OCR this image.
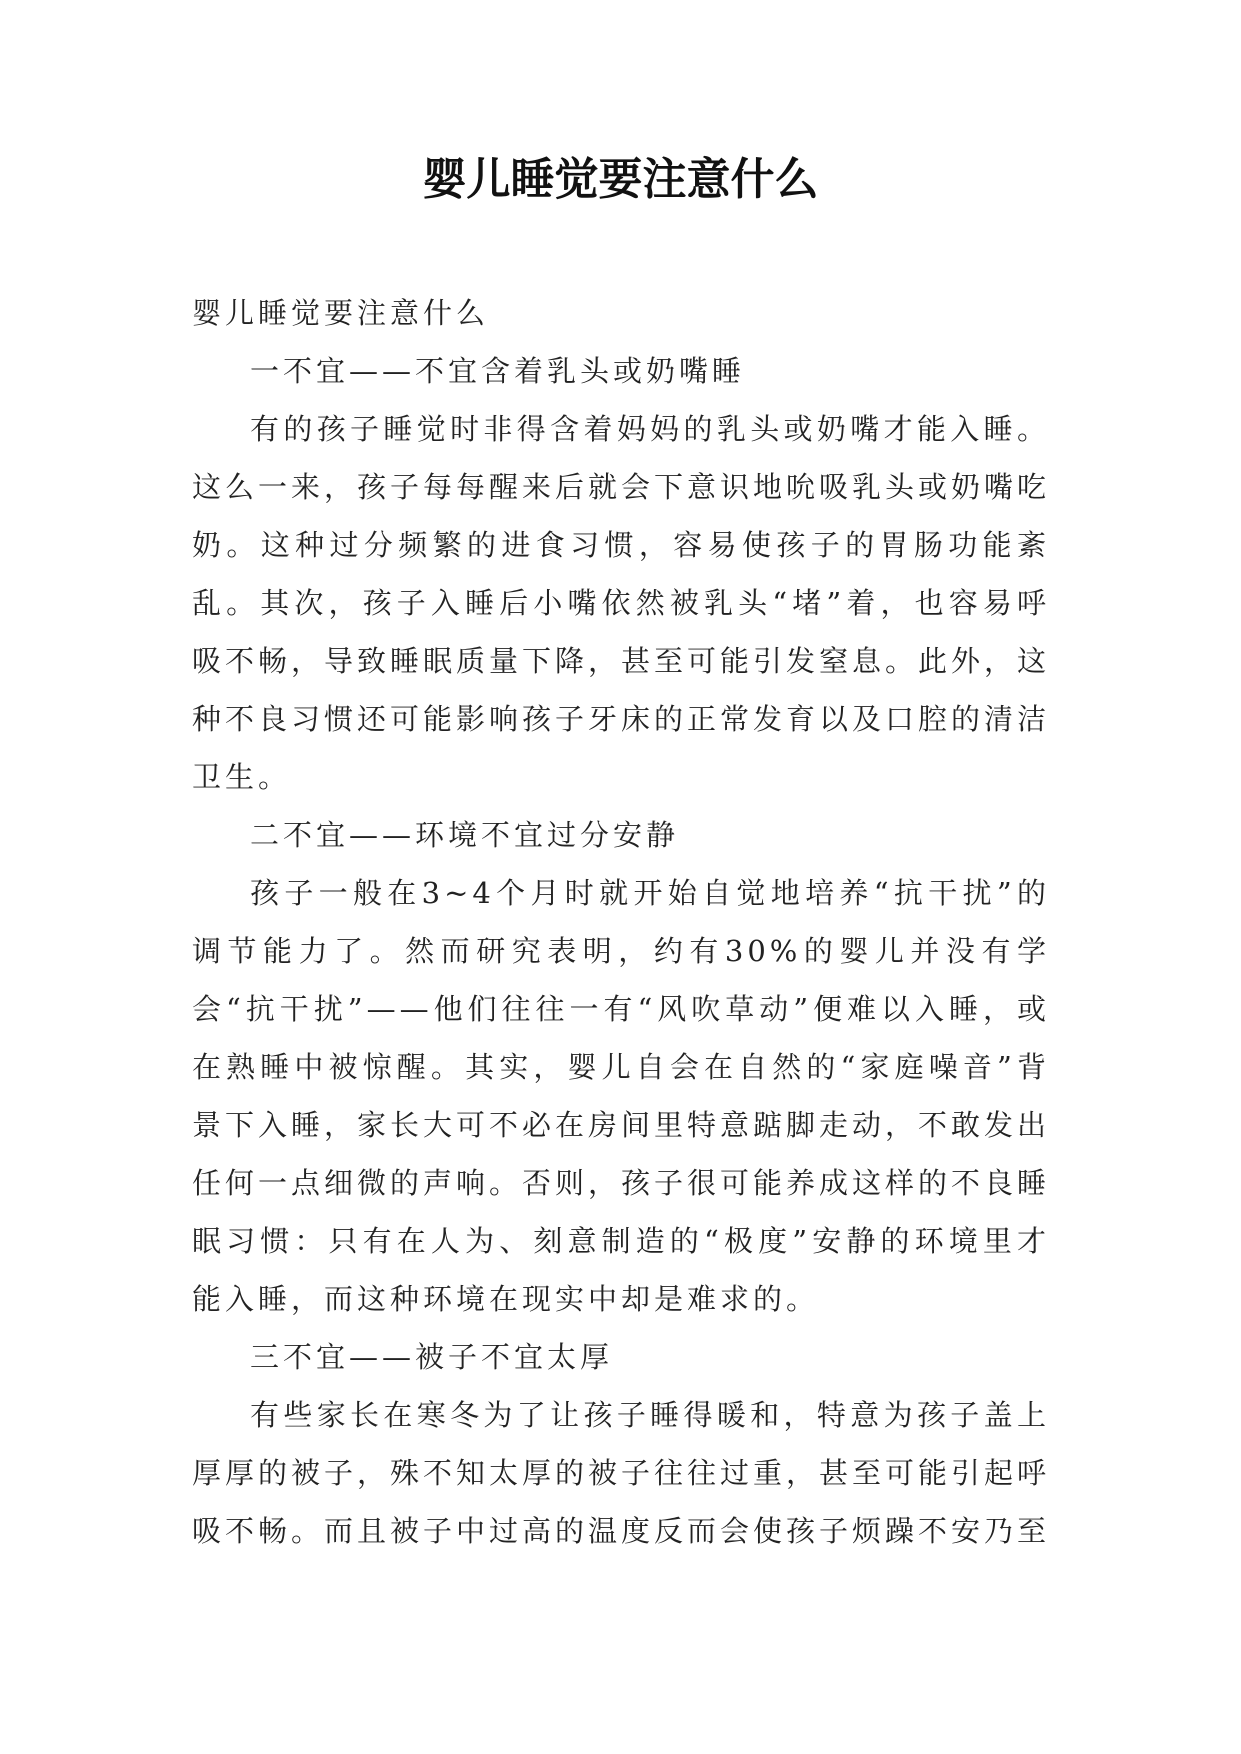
婴儿睡觉要注意什么

婴儿睡觉要注意什么

一不宜——不宜含着乳头或奶嘴睡

有的孩子睡觉时非得含着妈妈的乳头或奶嘴才能入睡。这么一来，孩子每每醒来后就会下意识地吮吸乳头或奶嘴吃奶。这种过分频繁的进食习惯，容易使孩子的胃肠功能紊乱。其次，孩子入睡后小嘴依然被乳头“堵”着，也容易呼吸不畅，导致睡眠质量下降，甚至可能引发窒息。此外，这种不良习惯还可能影响孩子牙床的正常发育以及口腔的清洁卫生。

二不宜——环境不宜过分安静

孩子一般在3~4个月时就开始自觉地培养“抗干扰”的调节能力了。然而研究表明，约有30%的婴儿并没有学会“抗干扰”——他们往往一有“风吹草动”便难以入睡，或在熟睡中被惊醒。其实，婴儿自会在自然的“家庭噪音”背景下入睡，家长大可不必在房间里特意踮脚走动，不敢发出任何一点细微的声响。否则，孩子很可能养成这样的不良睡眠习惯：只有在人为、刻意制造的“极度”安静的环境里才能入睡，而这种环境在现实中却是难求的。

三不宜——被子不宜太厚

有些家长在寒冬为了让孩子睡得暖和，特意为孩子盖上厚厚的被子，殊不知太厚的被子往往过重，甚至可能引起呼吸不畅。而且被子中过高的温度反而会使孩子烦躁不安乃至
